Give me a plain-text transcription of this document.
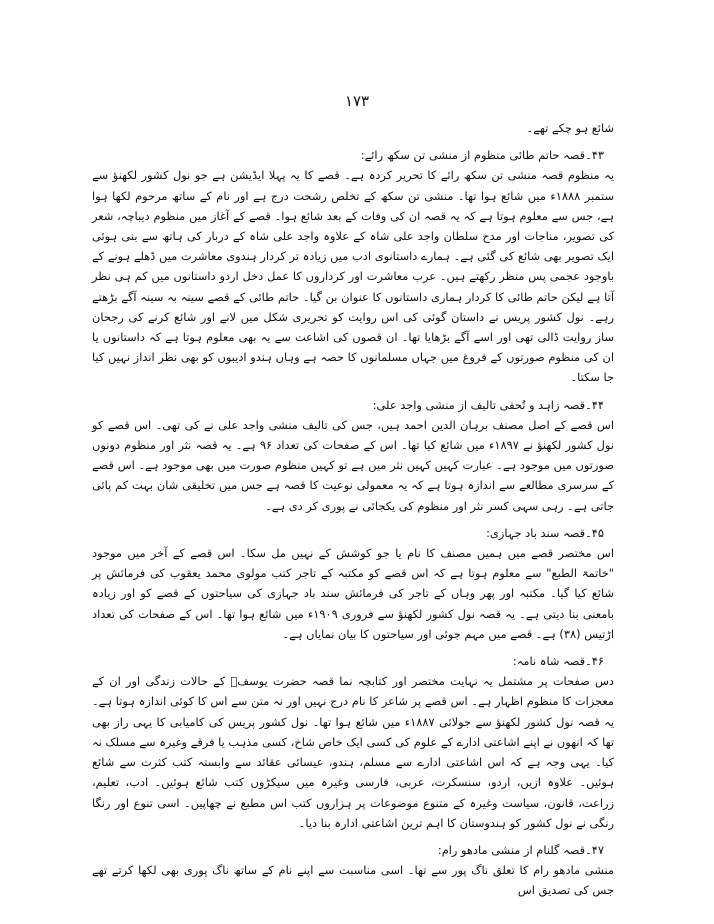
۱۷۳

شائع ہو چکے تھے۔

۴۳۔قصہ حاتم طائی منظوم از منشی تن سکھ رائے:

یہ منظوم قصہ منشی تن سکھ رائے کا تحریر کردہ ہے۔ قصے کا یہ پہلا ایڈیشن ہے جو نول کشور لکھنؤ سے ستمبر ۱۸۸۸ء میں شائع ہوا تھا۔ منشی تن سکھ کے تخلص رشحت درج ہے اور نام کے ساتھ مرحوم لکھا ہوا ہے، جس سے معلوم ہوتا ہے کہ یہ قصہ ان کی وفات کے بعد شائع ہوا۔ قصے کے آغاز میں منظوم دیباچہ، شعر کی تصویر، مناجات اور مدح سلطان واجد علی شاہ کے علاوہ واجد علی شاہ کے دربار کی ہاتھ سے بنی ہوئی ایک تصویر بھی شائع کی گئی ہے۔ ہمارے داستانوی ادب میں زیادہ تر کردار ہندوی معاشرت میں ڈھلے ہونے کے باوجود عجمی پس منظر رکھتے ہیں۔ عرب معاشرت اور کرداروں کا عمل دخل اردو داستانوں میں کم ہی نظر آتا ہے لیکن حاتم طائی کا کردار ہماری داستانوں کا عنوان بن گیا۔ حاتم طائی کے قصے سینہ بہ سینہ آگے بڑھتے رہے۔ نول کشور پریس نے داستان گوئی کی اس روایت کو تحریری شکل میں لانے اور شائع کرنے کی رجحان ساز روایت ڈالی تھی اور اسے آگے بڑھایا تھا۔ ان قصوں کی اشاعت سے یہ بھی معلوم ہوتا ہے کہ داستانوں یا ان کی منظوم صورتوں کے فروغ میں جہاں مسلمانوں کا حصہ ہے وہاں ہندو ادیبوں کو بھی نظر انداز نہیں کیا جا سکتا۔

۴۴۔قصہ زاہد و تُحفی تالیف از منشی واجد علی:

اس قصے کے اصل مصنف برہان الدین احمد ہیں، جس کی تالیف منشی واجد علی نے کی تھی۔ اس قصے کو نول کشور لکھنؤ نے ۱۸۹۷ء میں شائع کیا تھا۔ اس کے صفحات کی تعداد ۹۶ ہے۔ یہ قصہ نثر اور منظوم دونوں صورتوں میں موجود ہے۔ عبارت کہیں کہیں نثر میں ہے تو کہیں منظوم صورت میں بھی موجود ہے۔ اس قصے کے سرسری مطالعے سے اندازہ ہوتا ہے کہ یہ معمولی نوعیت کا قصہ ہے جس میں تخلیقی شان بہت کم پائی جاتی ہے۔ رہی سہی کسر نثر اور منظوم کی یکجائی نے پوری کر دی ہے۔

۴۵۔قصہ سند باد جہازی:

اس مختصر قصے میں ہمیں مصنف کا نام یا جو کوشش کے نہیں مل سکا۔ اس قصے کے آخر میں موجود "خاتمۃ الطبع" سے معلوم ہوتا ہے کہ اس قصے کو مکتبہ کے تاجر کتب مولوی محمد یعقوب کی فرمائش پر شائع کیا گیا۔ مکتبہ اور پھر وہاں کے تاجر کی فرمائش سند باد جہازی کی سیاحتوں کے قصے کو اور زیادہ بامعنی بنا دیتی ہے۔ یہ قصہ نول کشور لکھنؤ سے فروری ۱۹۰۹ء میں شائع ہوا تھا۔ اس کے صفحات کی تعداد اڑتیس (۳۸) ہے۔ قصے میں مہم جوئی اور سیاحتوں کا بیان نمایاں ہے۔

۴۶۔قصہ شاہ نامہ:

دس صفحات پر مشتمل یہ نہایت مختصر اور کتابچہ نما قصہ حضرت یوسفؑ کے حالات زندگی اور ان کے معجزات کا منظوم اظہار ہے۔ اس قصے پر شاعر کا نام درج نہیں اور نہ متن سے اس کا کوئی اندازہ ہوتا ہے۔ یہ قصہ نول کشور لکھنؤ سے جولائی ۱۸۸۷ء میں شائع ہوا تھا۔ نول کشور پریس کی کامیابی کا یہی راز بھی تھا کہ انھوں نے اپنے اشاعتی ادارے کے علوم کی کسی ایک خاص شاخ، کسی مذہب یا فرقے وغیرہ سے مسلک نہ کیا۔ یہی وجہ ہے کہ اس اشاعتی ادارے سے مسلم، ہندو، عیسائی عقائد سے وابستہ کتب کثرت سے شائع ہوئیں۔ علاوہ ازیں، اردو، سنسکرت، عربی، فارسی وغیرہ میں سیکڑوں کتب شائع ہوئیں۔ ادب، تعلیم، زراعت، قانون، سیاست وغیرہ کے متنوع موضوعات پر ہزاروں کتب اس مطبع نے چھاپیں۔ اسی تنوع اور رنگا رنگی نے نول کشور کو ہندوستان کا اہم ترین اشاعتی ادارہ بنا دیا۔

۴۷۔قصہ گلنام از منشی مادھو رام:

منشی مادھو رام کا تعلق ناگ پور سے تھا۔ اسی مناسبت سے اپنے نام کے ساتھ ناگ پوری بھی لکھا کرتے تھے جس کی تصدیق اس
